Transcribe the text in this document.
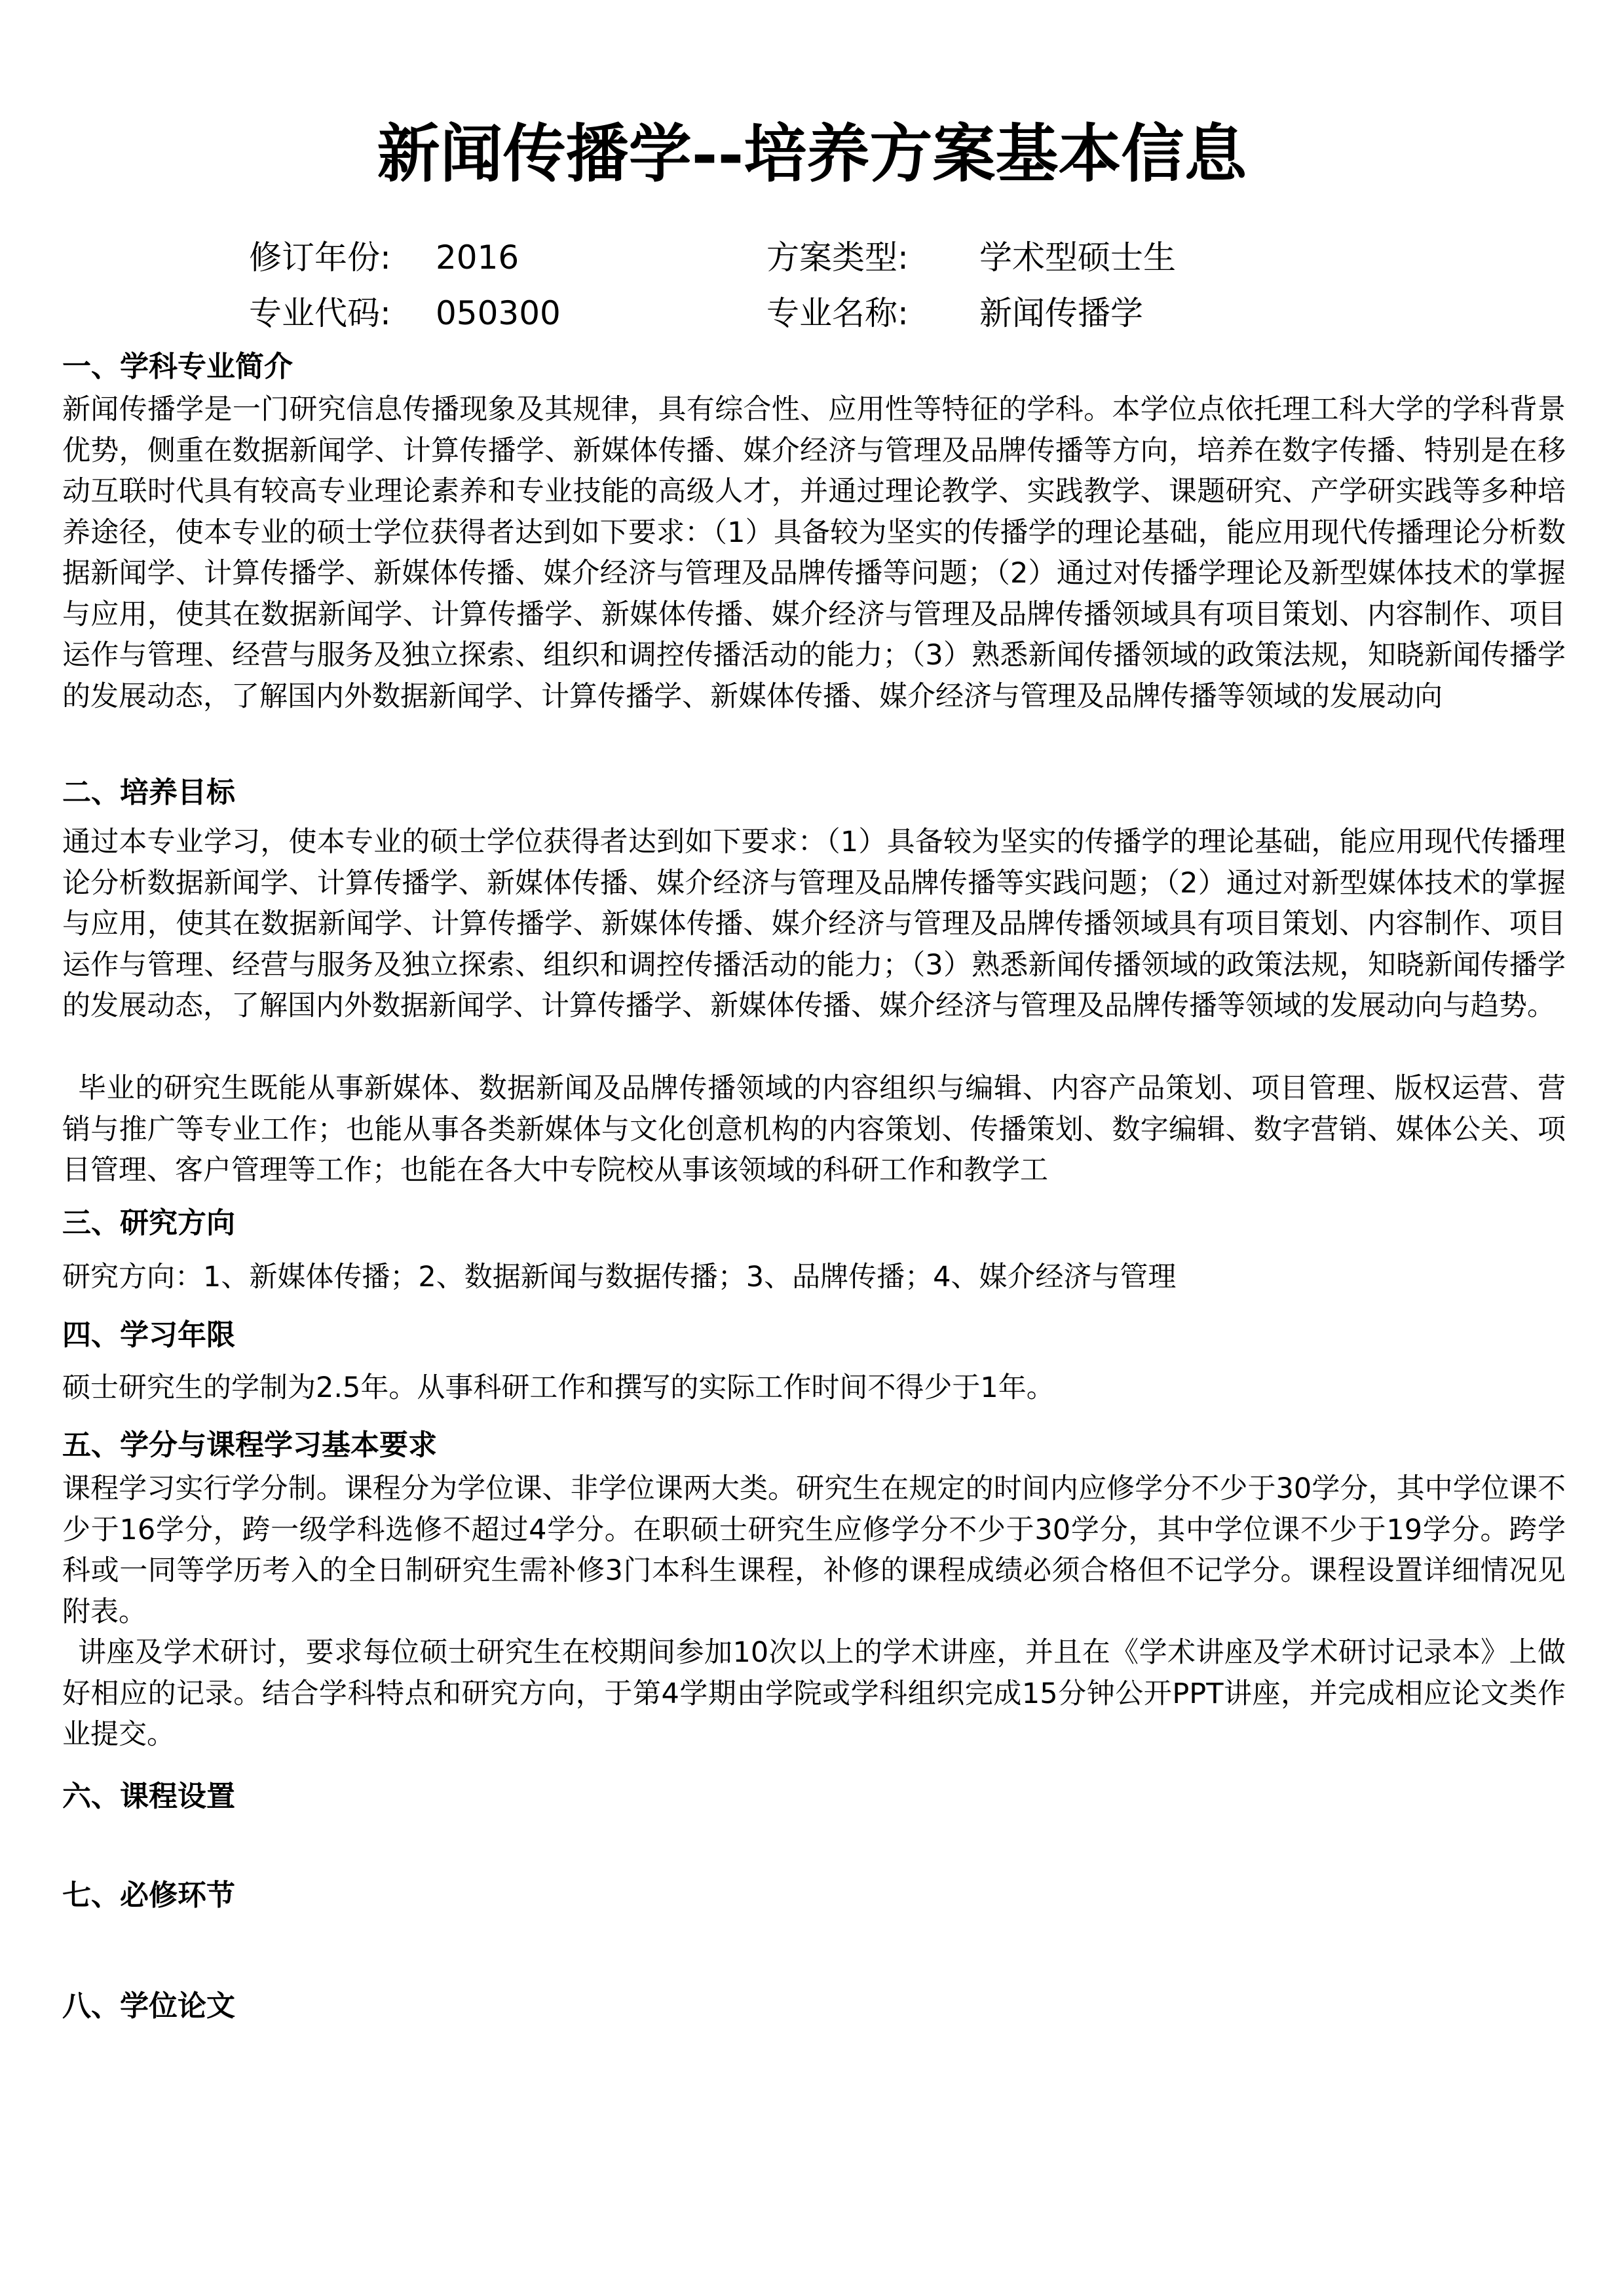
新闻传播学--培养方案基本信息
修订年份: 2016	方案类型: 学术型硕士生
专业代码: 050300	专业名称: 新闻传播学
一、学科专业简介
新闻传播学是一门研究信息传播现象及其规律，具有综合性、应用性等特征的学科。本学位点依托理工科大学的学科背景优势，侧重在数据新闻学、计算传播学、新媒体传播、媒介经济与管理及品牌传播等方向，培养在数字传播、特别是在移动互联时代具有较高专业理论素养和专业技能的高级人才，并通过理论教学、实践教学、课题研究、产学研实践等多种培养途径，使本专业的硕士学位获得者达到如下要求：（1）具备较为坚实的传播学的理论基础，能应用现代传播理论分析数据新闻学、计算传播学、新媒体传播、媒介经济与管理及品牌传播等问题；（2）通过对传播学理论及新型媒体技术的掌握与应用，使其在数据新闻学、计算传播学、新媒体传播、媒介经济与管理及品牌传播领域具有项目策划、内容制作、项目运作与管理、经营与服务及独立探索、组织和调控传播活动的能力；（3）熟悉新闻传播领域的政策法规，知晓新闻传播学的发展动态，了解国内外数据新闻学、计算传播学、新媒体传播、媒介经济与管理及品牌传播等领域的发展动向
二、培养目标
通过本专业学习，使本专业的硕士学位获得者达到如下要求：（1）具备较为坚实的传播学的理论基础，能应用现代传播理论分析数据新闻学、计算传播学、新媒体传播、媒介经济与管理及品牌传播等实践问题；（2）通过对新型媒体技术的掌握与应用，使其在数据新闻学、计算传播学、新媒体传播、媒介经济与管理及品牌传播领域具有项目策划、内容制作、项目运作与管理、经营与服务及独立探索、组织和调控传播活动的能力；（3）熟悉新闻传播领域的政策法规，知晓新闻传播学的发展动态，了解国内外数据新闻学、计算传播学、新媒体传播、媒介经济与管理及品牌传播等领域的发展动向与趋势。
毕业的研究生既能从事新媒体、数据新闻及品牌传播领域的内容组织与编辑、内容产品策划、项目管理、版权运营、营销与推广等专业工作；也能从事各类新媒体与文化创意机构的内容策划、传播策划、数字编辑、数字营销、媒体公关、项目管理、客户管理等工作；也能在各大中专院校从事该领域的科研工作和教学工
三、研究方向
研究方向：1、新媒体传播；2、数据新闻与数据传播；3、品牌传播；4、媒介经济与管理
四、学习年限
硕士研究生的学制为2.5年。从事科研工作和撰写的实际工作时间不得少于1年。
五、学分与课程学习基本要求
课程学习实行学分制。课程分为学位课、非学位课两大类。研究生在规定的时间内应修学分不少于30学分，其中学位课不少于16学分，跨一级学科选修不超过4学分。在职硕士研究生应修学分不少于30学分，其中学位课不少于19学分。跨学科或一同等学历考入的全日制研究生需补修3门本科生课程，补修的课程成绩必须合格但不记学分。课程设置详细情况见附表。
讲座及学术研讨，要求每位硕士研究生在校期间参加10次以上的学术讲座，并且在《学术讲座及学术研讨记录本》上做好相应的记录。结合学科特点和研究方向，于第4学期由学院或学科组织完成15分钟公开PPT讲座，并完成相应论文类作业提交。
六、课程设置
七、必修环节
八、学位论文
